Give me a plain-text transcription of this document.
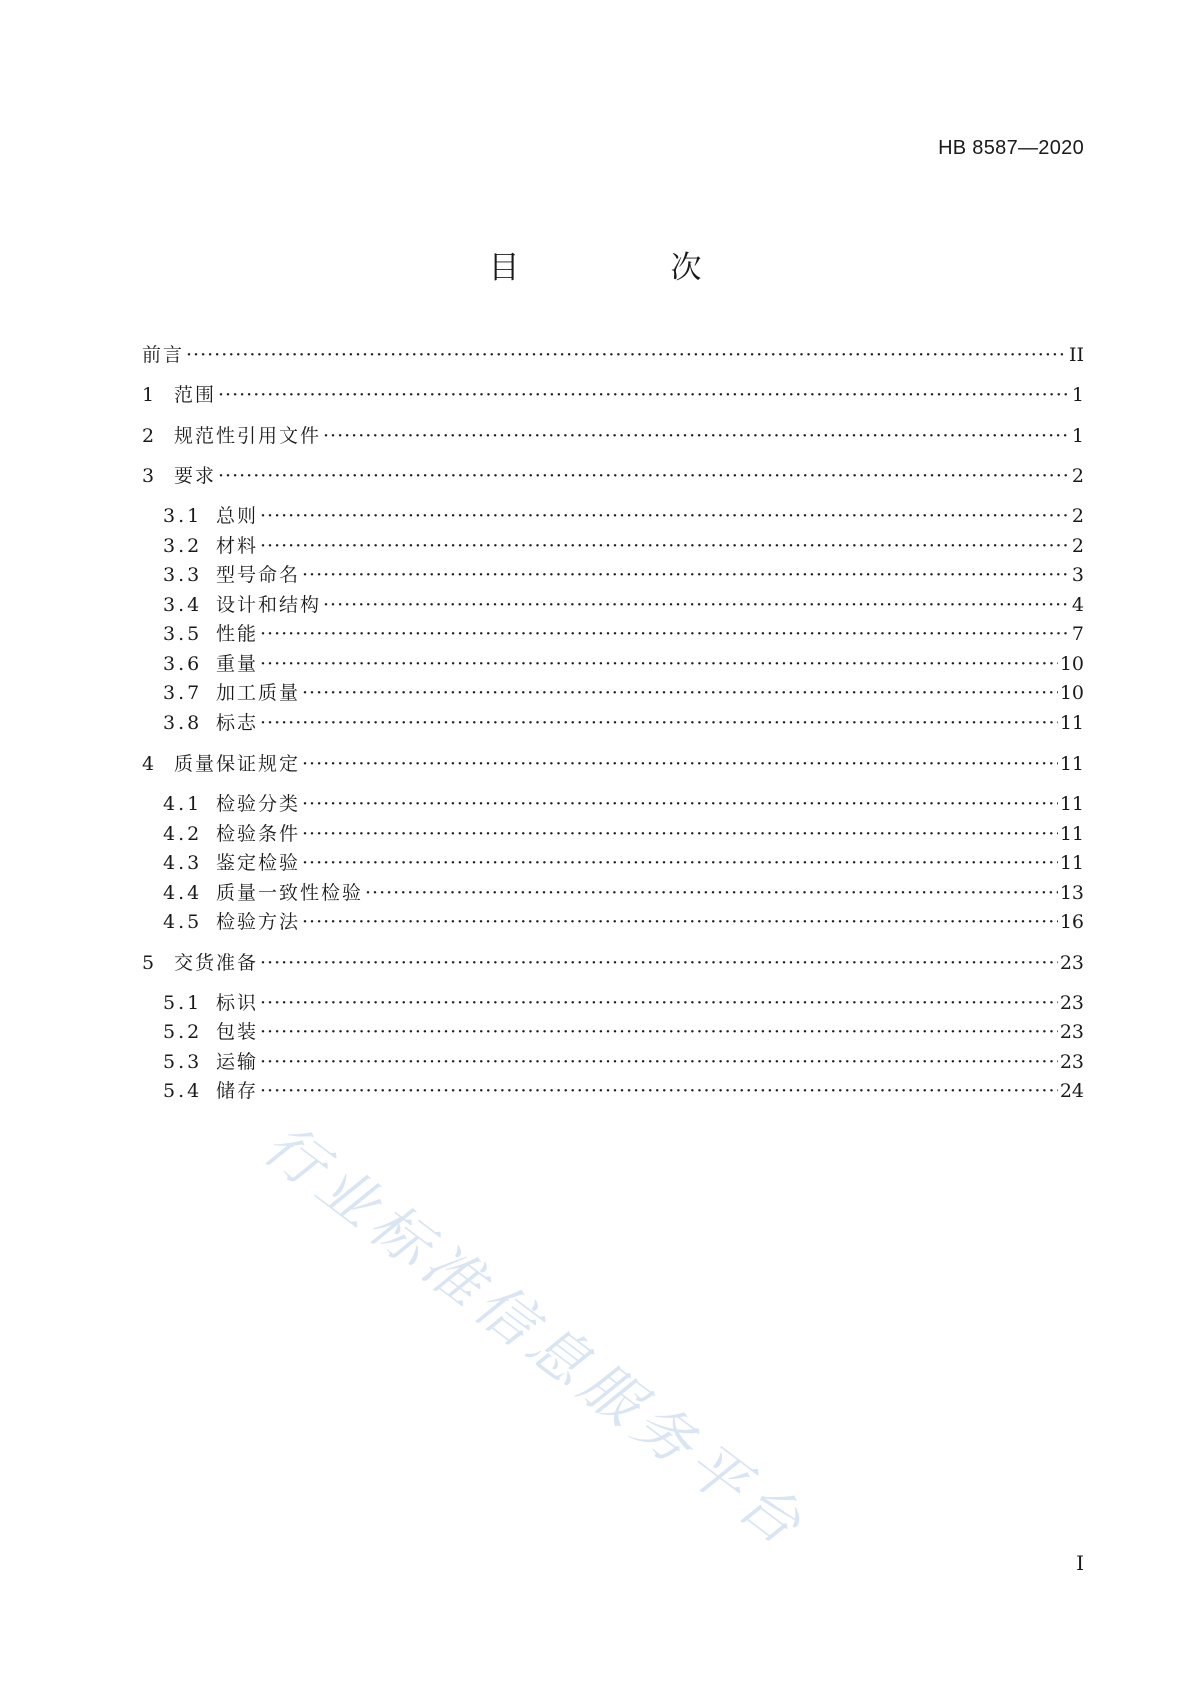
HB 8587—2020
目　次
前言 ·····	II
1	范围 ·····	1
2	规范性引用文件 ·····	1
3	要求 ·····	2
3.1 总则 ·····	2
3.2 材料 ·····	2
3.3 型号命名 ·····	3
3.4 设计和结构 ·····	4
3.5 性能 ·····	7
3.6 重量 ·····	10
3.7 加工质量 ·····	10
3.8 标志 ·····	11
4	质量保证规定 ·····	11
4.1 检验分类 ·····	11
4.2 检验条件 ·····	11
4.3 鉴定检验 ·····	11
4.4 质量一致性检验 ·····	13
4.5 检验方法 ·····	16
5	交货准备 ·····	23
5.1 标识 ·····	23
5.2 包装 ·····	23
5.3 运输 ·····	23
5.4 储存 ·····	24
行业标准信息服务平台
I
